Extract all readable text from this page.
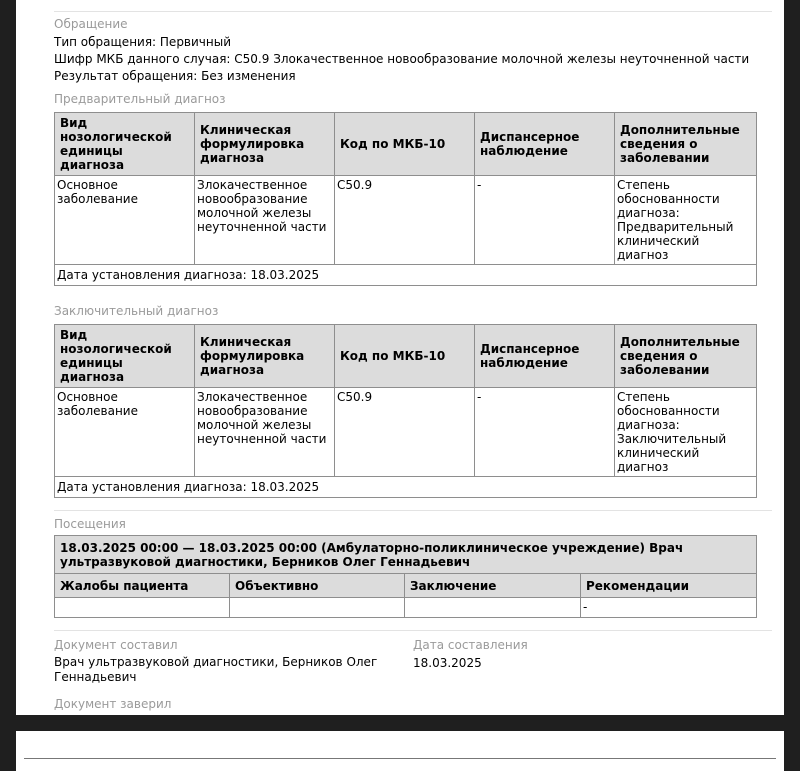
Обращение
Тип обращения: Первичный
Шифр МКБ данного случая: C50.9 Злокачественное новообразование молочной железы неуточненной части
Результат обращения: Без изменения
Предварительный диагноз
Вид нозологической единицы диагноза	Клиническая формулировка диагноза	Код по МКБ-10	Диспансерное наблюдение	Дополнительные сведения о заболевании
Основное заболевание	Злокачественное новообразование молочной железы неуточненной части	C50.9	-	Степень обоснованности диагноза: Предварительный клинический диагноз
Дата установления диагноза: 18.03.2025				
Заключительный диагноз
Вид нозологической единицы диагноза	Клиническая формулировка диагноза	Код по МКБ-10	Диспансерное наблюдение	Дополнительные сведения о заболевании
Основное заболевание	Злокачественное новообразование молочной железы неуточненной части	C50.9	-	Степень обоснованности диагноза: Заключительный клинический диагноз
Дата установления диагноза: 18.03.2025				
Посещения
18.03.2025 00:00 — 18.03.2025 00:00 (Амбулаторно-поликлиническое учреждение) Врач ультразвуковой диагностики, Берников Олег Геннадьевич			
Жалобы пациента	Объективно	Заключение	Рекомендации
			-
Документ составил
Врач ультразвуковой диагностики, Берников Олег Геннадьевич
Дата составления
18.03.2025
Документ заверил
